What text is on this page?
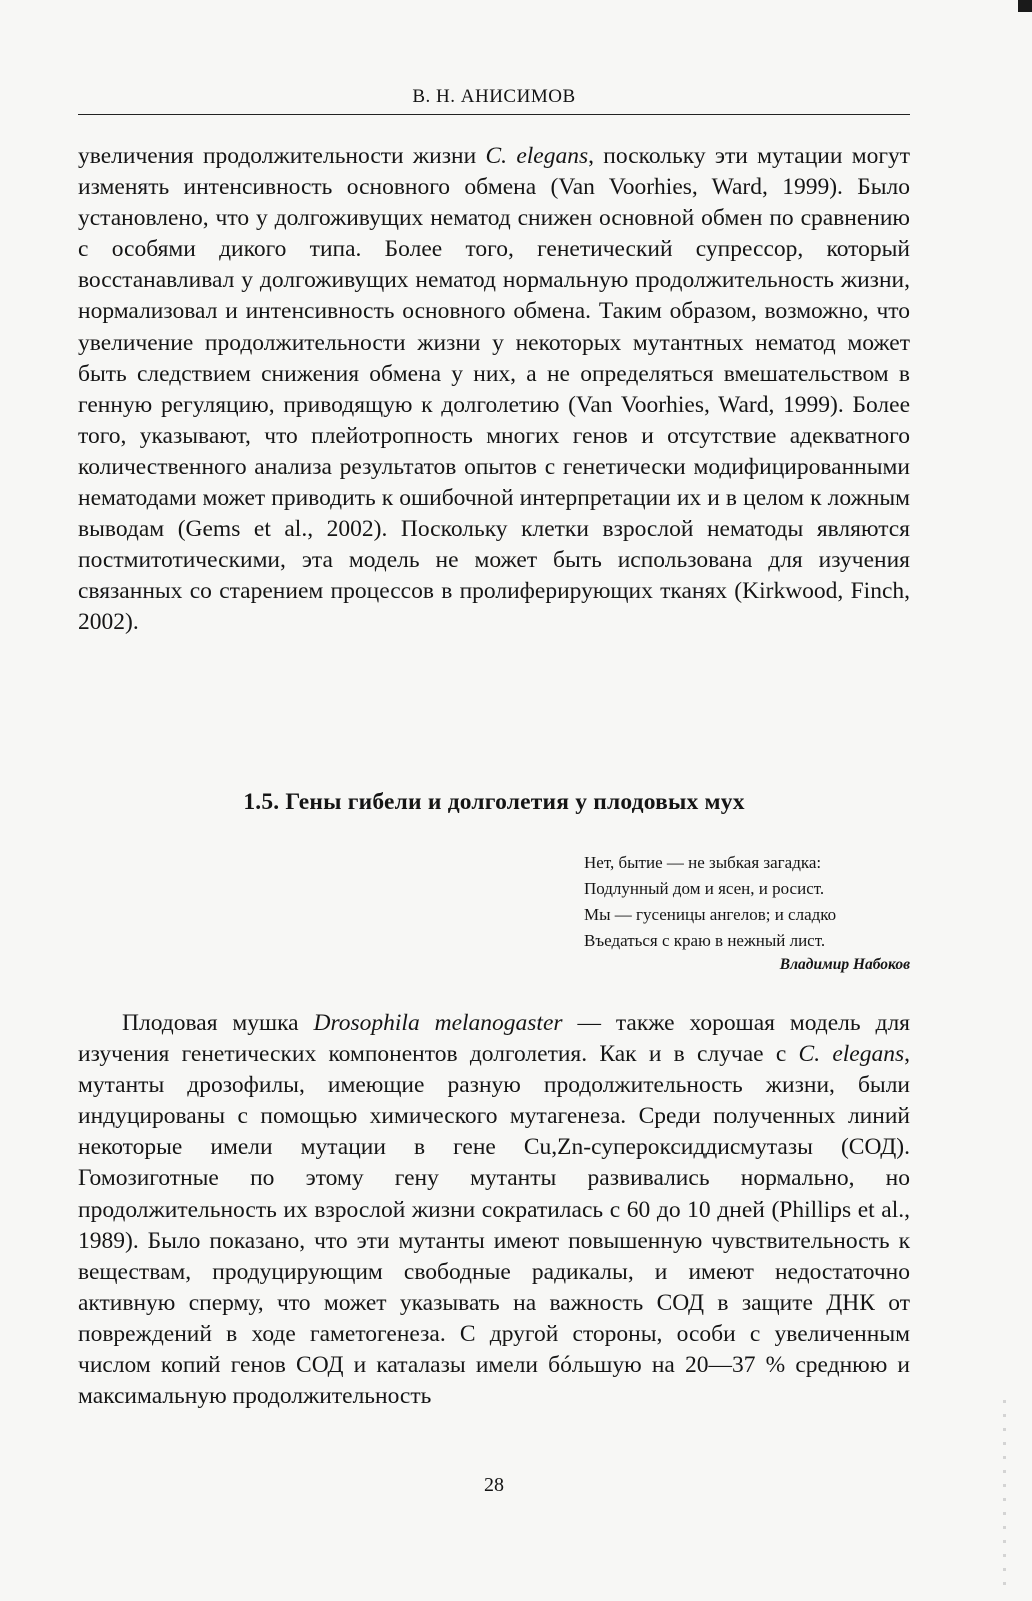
В. Н. АНИСИМОВ

увеличения продолжительности жизни C. elegans, поскольку эти мутации могут изменять интенсивность основного обмена (Van Voorhies, Ward, 1999). Было установлено, что у долгоживущих нематод снижен основной обмен по сравнению с особями дикого типа. Более того, генетический супрессор, который восстанавливал у долгоживущих нематод нормальную продолжительность жизни, нормализовал и интенсивность основного обмена. Таким образом, возможно, что увеличение продолжительности жизни у некоторых мутантных нематод может быть следствием снижения обмена у них, а не определяться вмешательством в генную регуляцию, приводящую к долголетию (Van Voorhies, Ward, 1999). Более того, указывают, что плейотропность многих генов и отсутствие адекватного количественного анализа результатов опытов с генетически модифицированными нематодами может приводить к ошибочной интерпретации их и в целом к ложным выводам (Gems et al., 2002). Поскольку клетки взрослой нематоды являются постмитотическими, эта модель не может быть использована для изучения связанных со старением процессов в пролиферирующих тканях (Kirkwood, Finch, 2002).

1.5. Гены гибели и долголетия у плодовых мух
Нет, бытие — не зыбкая загадка:
Подлунный дом и ясен, и росист.
Мы — гусеницы ангелов; и сладко
Въедаться с краю в нежный лист.
Владимир Набоков

Плодовая мушка Drosophila melanogaster — также хорошая модель для изучения генетических компонентов долголетия. Как и в случае с C. elegans, мутанты дрозофилы, имеющие разную продолжительность жизни, были индуцированы с помощью химического мутагенеза. Среди полученных линий некоторые имели мутации в гене Cu,Zn-супероксиддисмутазы (СОД). Гомозиготные по этому гену мутанты развивались нормально, но продолжительность их взрослой жизни сократилась с 60 до 10 дней (Phillips et al., 1989). Было показано, что эти мутанты имеют повышенную чувствительность к веществам, продуцирующим свободные радикалы, и имеют недостаточно активную сперму, что может указывать на важность СОД в защите ДНК от повреждений в ходе гаметогенеза. С другой стороны, особи с увеличенным числом копий генов СОД и каталазы имели бóльшую на 20—37 % среднюю и максимальную продолжительность

28
